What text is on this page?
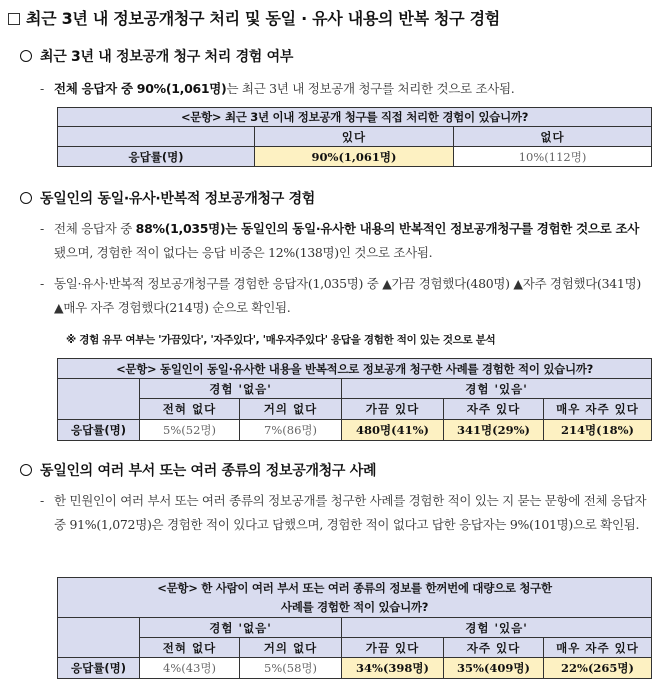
최근 3년 내 정보공개청구 처리 및 동일 · 유사 내용의 반복 청구 경험
최근 3년 내 정보공개 청구 처리 경험 여부
- 전체 응답자 중 90%(1,061명)는 최근 3년 내 정보공개 청구를 처리한 것으로 조사됨.
<문항> 최근 3년 이내 정보공개 청구를 직접 처리한 경험이 있습니까?		
	있다	없다
응답률(명)	90%(1,061명)	10%(112명)
동일인의 동일·유사·반복적 정보공개청구 경험
- 전체 응답자 중 88%(1,035명)는 동일인의 동일·유사한 내용의 반복적인 정보공개청구를 경험한 것으로 조사됐으며, 경험한 적이 없다는 응답 비중은 12%(138명)인 것으로 조사됨.
- 동일·유사·반복적 정보공개청구를 경험한 응답자(1,035명) 중 ▲가끔 경험했다(480명) ▲자주 경험했다(341명) ▲매우 자주 경험했다(214명) 순으로 확인됨.
※ 경험 유무 여부는 '가끔있다', '자주있다', '매우자주있다' 응답을 경험한 적이 있는 것으로 분석
<문항> 동일인이 동일·유사한 내용을 반복적으로 정보공개 청구한 사례를 경험한 적이 있습니까?					
	경험 '없음'		경험 '있음'		
	전혀 없다	거의 없다	가끔 있다	자주 있다	매우 자주 있다
응답률(명)	5%(52명)	7%(86명)	480명(41%)	341명(29%)	214명(18%)
동일인의 여러 부서 또는 여러 종류의 정보공개청구 사례
- 한 민원인이 여러 부서 또는 여러 종류의 정보공개를 청구한 사례를 경험한 적이 있는 지 묻는 문항에 전체 응답자 중 91%(1,072명)은 경험한 적이 있다고 답했으며, 경험한 적이 없다고 답한 응답자는 9%(101명)으로 확인됨.
<문항> 한 사람이 여러 부서 또는 여러 종류의 정보를 한꺼번에 대량으로 청구한					
사례를 경험한 적이 있습니까?					
	경험 '없음'		경험 '있음'		
	전혀 없다	거의 없다	가끔 있다	자주 있다	매우 자주 있다
응답률(명)	4%(43명)	5%(58명)	34%(398명)	35%(409명)	22%(265명)
